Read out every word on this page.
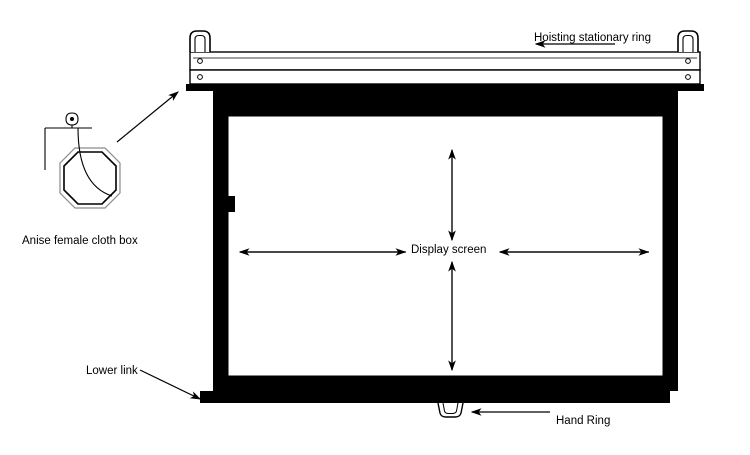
Hoisting stationary ring
Anise female cloth box
Display screen
Lower link
Hand Ring
